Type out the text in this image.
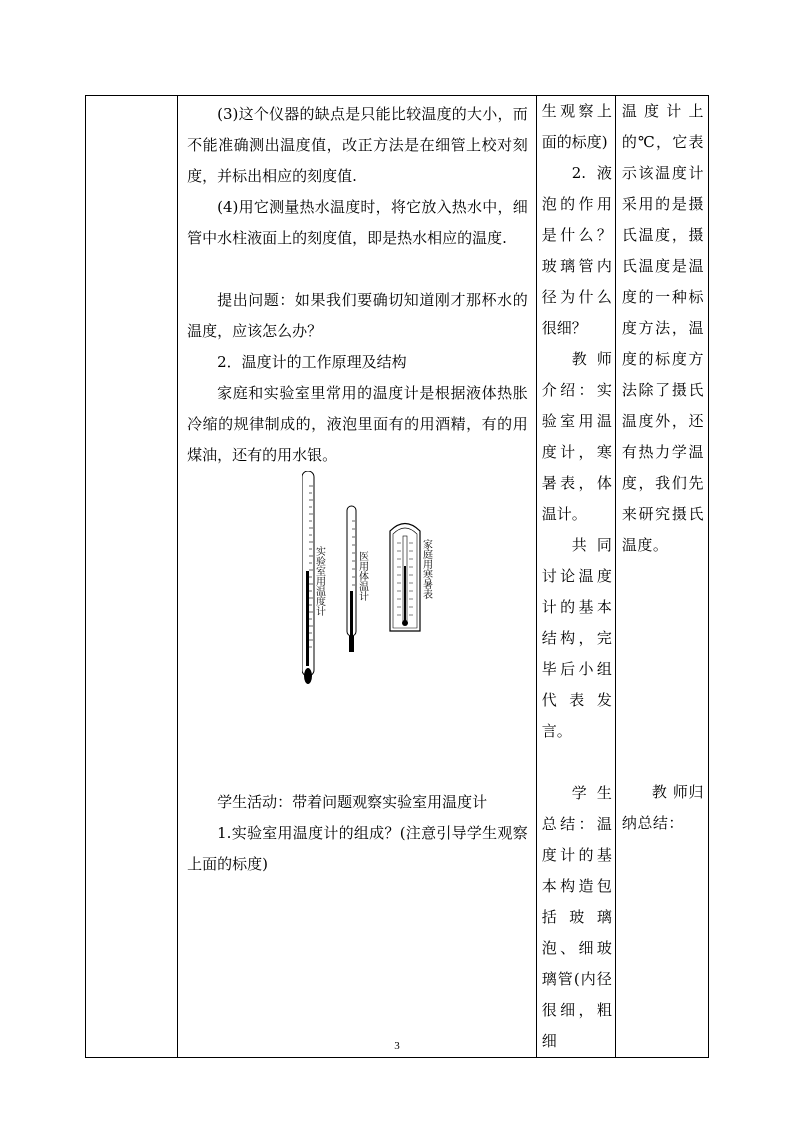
(3)这个仪器的缺点是只能比较温度的大小，而不能准确测出温度值，改正方法是在细管上校对刻度，并标出相应的刻度值.

(4)用它测量热水温度时，将它放入热水中，细管中水柱液面上的刻度值，即是热水相应的温度.

提出问题：如果我们要确切知道刚才那杯水的温度，应该怎么办？

2．温度计的工作原理及结构

家庭和实验室里常用的温度计是根据液体热胀冷缩的规律制成的，液泡里面有的用酒精，有的用煤油，还有的用水银。

实验室用温度计	医用体温计	家庭用寒暑表

学生活动：带着问题观察实验室用温度计

1.实验室用温度计的组成？(注意引导学生观察上面的标度)

生观察上面的标度)

2.液泡的作用是什么？玻璃管内径为什么很细？

教师介绍：实验室用温度计，寒暑表，体温计。

共同讨论温度计的基本结构，完毕后小组代表发言。

学生总结：温度计的基本构造包括玻璃泡、细玻璃管(内径很细，粗细

温度计上的℃，它表示该温度计采用的是摄氏温度，摄氏温度是温度的一种标度方法，温度的标度方法除了摄氏温度外，还有热力学温度，我们先来研究摄氏温度。

教 师归纳总结：

3
